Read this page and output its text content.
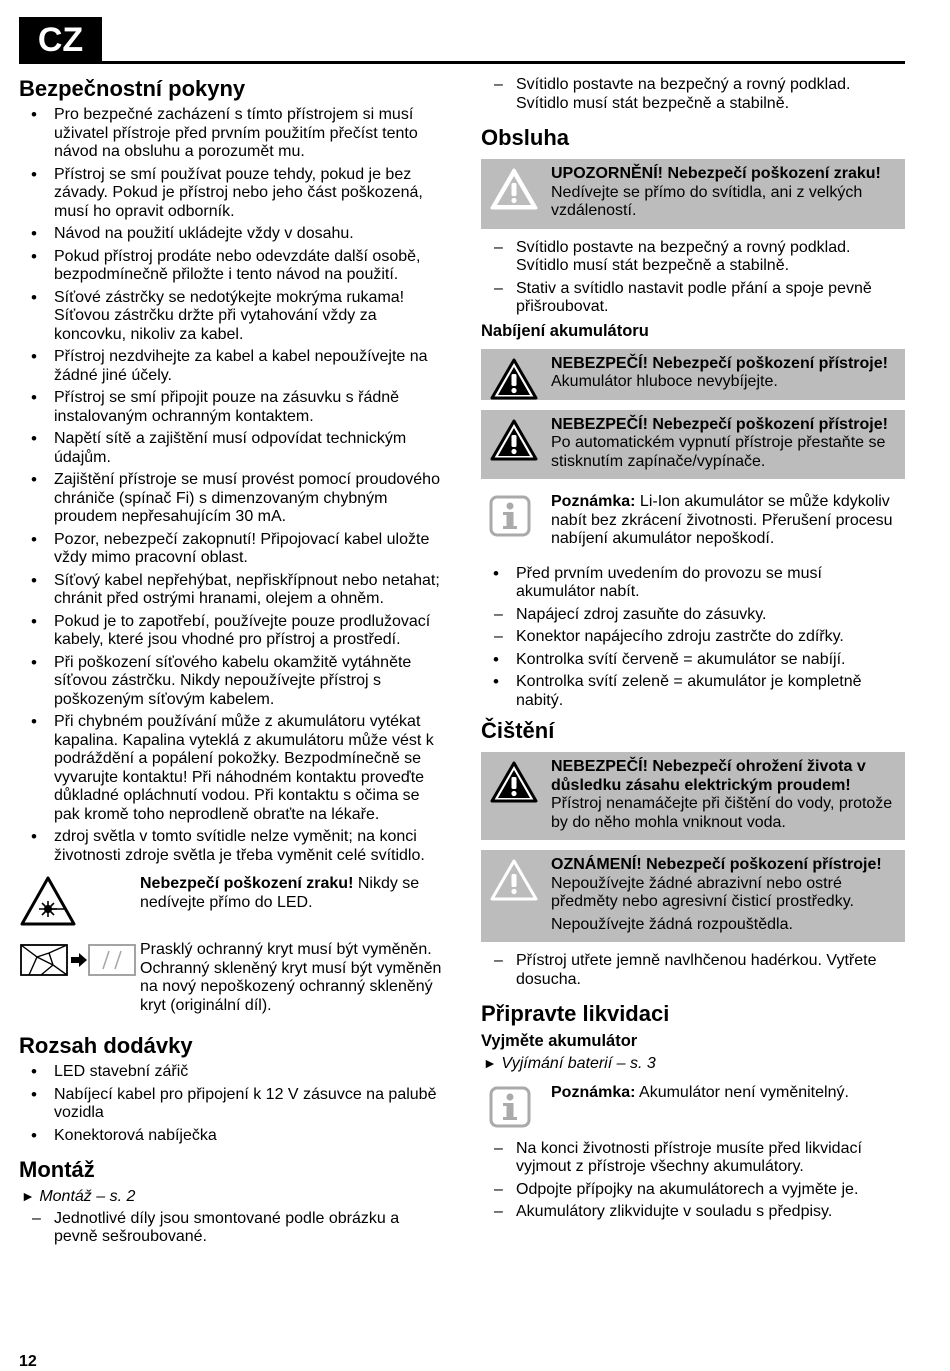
CZ
Bezpečnostní pokyny
• Pro bezpečné zacházení s tímto přístrojem si musí uživatel přístroje před prvním použitím přečíst tento návod na obsluhu a porozumět mu.
• Přístroj se smí používat pouze tehdy, pokud je bez závady. Pokud je přístroj nebo jeho část poškozená, musí ho opravit odborník.
• Návod na použití ukládejte vždy v dosahu.
• Pokud přístroj prodáte nebo odevzdáte další osobě, bezpodmínečně přiložte i tento návod na použití.
• Síťové zástrčky se nedotýkejte mokrýma rukama! Síťovou zástrčku držte při vytahování vždy za koncovku, nikoliv za kabel.
• Přístroj nezdvihejte za kabel a kabel nepoužívejte na žádné jiné účely.
• Přístroj se smí připojit pouze na zásuvku s řádně instalovaným ochranným kontaktem.
• Napětí sítě a zajištění musí odpovídat technickým údajům.
• Zajištění přístroje se musí provést pomocí proudového chrániče (spínač Fi) s dimenzovaným chybným proudem nepřesahujícím 30 mA.
• Pozor, nebezpečí zakopnutí! Připojovací kabel uložte vždy mimo pracovní oblast.
• Síťový kabel nepřehýbat, nepřiskřípnout nebo netahat; chránit před ostrými hranami, olejem a ohněm.
• Pokud je to zapotřebí, používejte pouze prodlužovací kabely, které jsou vhodné pro přístroj a prostředí.
• Při poškození síťového kabelu okamžitě vytáhněte síťovou zástrčku. Nikdy nepoužívejte přístroj s poškozeným síťovým kabelem.
• Při chybném používání může z akumulátoru vytékat kapalina. Kapalina vyteklá z akumulátoru může vést k podráždění a popálení pokožky. Bezpodmínečně se vyvarujte kontaktu! Při náhodném kontaktu proveďte důkladné opláchnutí vodou. Při kontaktu s očima se pak kromě toho neprodleně obraťte na lékaře.
• zdroj světla v tomto svítidle nelze vyměnit; na konci životnosti zdroje světla je třeba vyměnit celé svítidlo.
Nebezpečí poškození zraku! Nikdy se nedívejte přímo do LED.
Prasklý ochranný kryt musí být vyměněn. Ochranný skleněný kryt musí být vyměněn na nový nepoškozený ochranný skleněný kryt (originální díl).
Rozsah dodávky
• LED stavební zářič
• Nabíjecí kabel pro připojení k 12 V zásuvce na palubě vozidla
• Konektorová nabíječka
Montáž
► Montáž – s. 2
– Jednotlivé díly jsou smontované podle obrázku a pevně sešroubované.
– Svítidlo postavte na bezpečný a rovný podklad. Svítidlo musí stát bezpečně a stabilně.
Obsluha
UPOZORNĚNÍ! Nebezpečí poškození zraku! Nedívejte se přímo do svítidla, ani z velkých vzdáleností.
– Svítidlo postavte na bezpečný a rovný podklad. Svítidlo musí stát bezpečně a stabilně.
– Stativ a svítidlo nastavit podle přání a spoje pevně přišroubovat.
Nabíjení akumulátoru
NEBEZPEČÍ! Nebezpečí poškození přístroje! Akumulátor hluboce nevybíjejte.
NEBEZPEČÍ! Nebezpečí poškození přístroje! Po automatickém vypnutí přístroje přestaňte se stisknutím zapínače/vypínače.
Poznámka: Li-Ion akumulátor se může kdykoliv nabít bez zkrácení životnosti. Přerušení procesu nabíjení akumulátor nepoškodí.
• Před prvním uvedením do provozu se musí akumulátor nabít.
– Napájecí zdroj zasuňte do zásuvky.
– Konektor napájecího zdroju zastrčte do zdířky.
• Kontrolka svítí červeně = akumulátor se nabíjí.
• Kontrolka svítí zeleně = akumulátor je kompletně nabitý.
Čištění
NEBEZPEČÍ! Nebezpečí ohrožení života v důsledku zásahu elektrickým proudem! Přístroj nenamáčejte při čištění do vody, protože by do něho mohla vniknout voda.
OZNÁMENÍ! Nebezpečí poškození přístroje! Nepoužívejte žádné abrazivní nebo ostré předměty nebo agresivní čisticí prostředky.

Nepoužívejte žádná rozpouštědla.

– Přístroj utřete jemně navlhčenou hadérkou. Vytřete dosucha.
Připravte likvidaci
Vyjměte akumulátor
► Vyjímání baterií – s. 3
Poznámka: Akumulátor není vyměnitelný.
– Na konci životnosti přístroje musíte před likvidací vyjmout z přístroje všechny akumulátory.
– Odpojte přípojky na akumulátorech a vyjměte je.
– Akumulátory zlikvidujte v souladu s předpisy.
12
